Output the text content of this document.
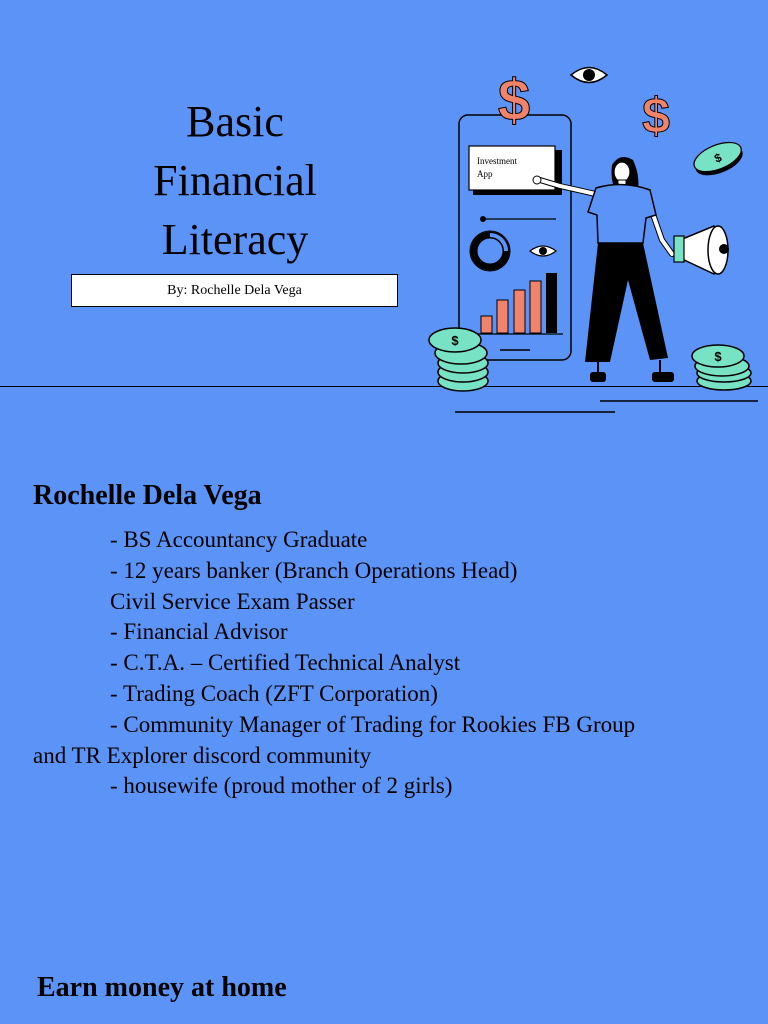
Basic
Financial
Literacy
By: Rochelle Dela Vega
Investment
App
$ $
$
$
$
Rochelle Dela Vega
- BS Accountancy Graduate
- 12 years banker (Branch Operations Head)
Civil Service Exam Passer
- Financial Advisor
- C.T.A. – Certified Technical Analyst
- Trading Coach (ZFT Corporation)
- Community Manager of Trading for Rookies FB Group
and TR Explorer discord community
- housewife (proud mother of 2 girls)
Earn money at home
